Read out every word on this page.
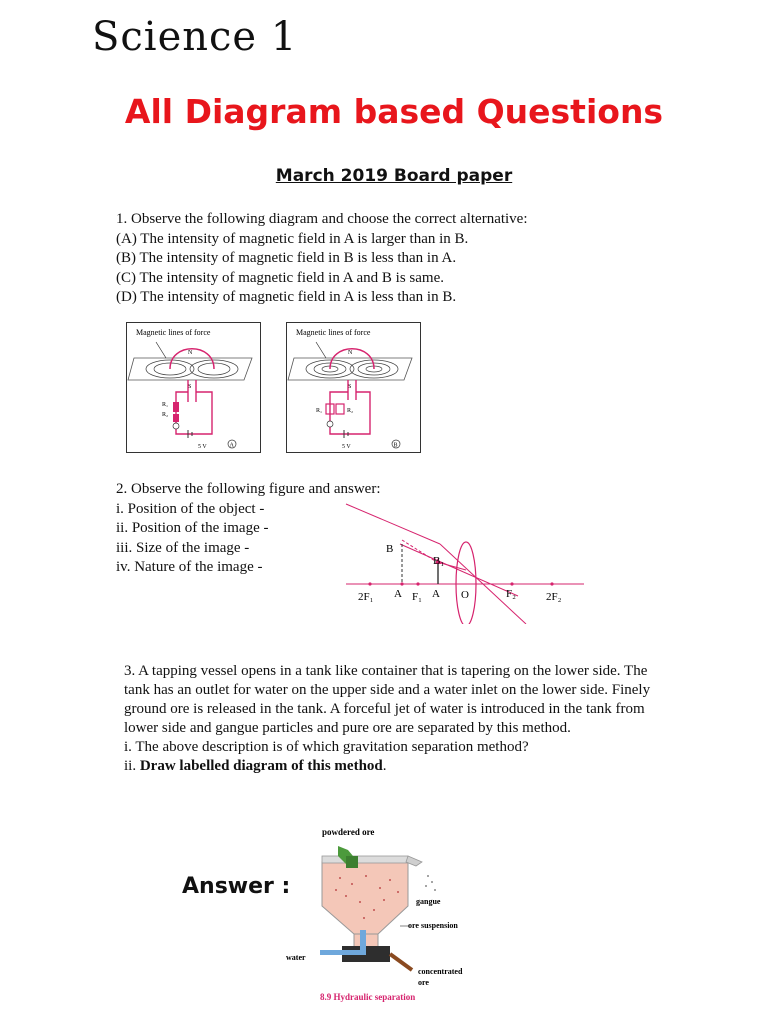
Science 1
All Diagram based Questions
March 2019 Board paper
1. Observe the following diagram and choose the correct alternative:
(A) The intensity of magnetic field in A is larger than in B.
(B) The intensity of magnetic field in B is less than in A.
(C) The intensity of magnetic field in A and B is same.
(D) The intensity of magnetic field in A is less than in B.
Magnetic lines of force
N
S
R₁
R₂
5 V	A
Magnetic lines of force
N
S
R₁	R₂
5 V	B
2. Observe the following figure and answer:
i. Position of the object -
ii. Position of the image -
iii. Size of the image -
iv. Nature of the image -
B
B₁
2F₁ A F₁ A O	F₂	2F₂

3. A tapping vessel opens in a tank like container that is tapering on the lower side. The tank has an outlet for water on the upper side and a water inlet on the lower side. Finely ground ore is released in the tank. A forceful jet of water is introduced in the tank from lower side and gangue particles and pure ore are separated by this method.

i. The above description is of which gravitation separation method?

ii. Draw labelled diagram of this method.

Answer :
powdered ore
gangue
ore suspension
water
concentrated
ore
8.9 Hydraulic separation
